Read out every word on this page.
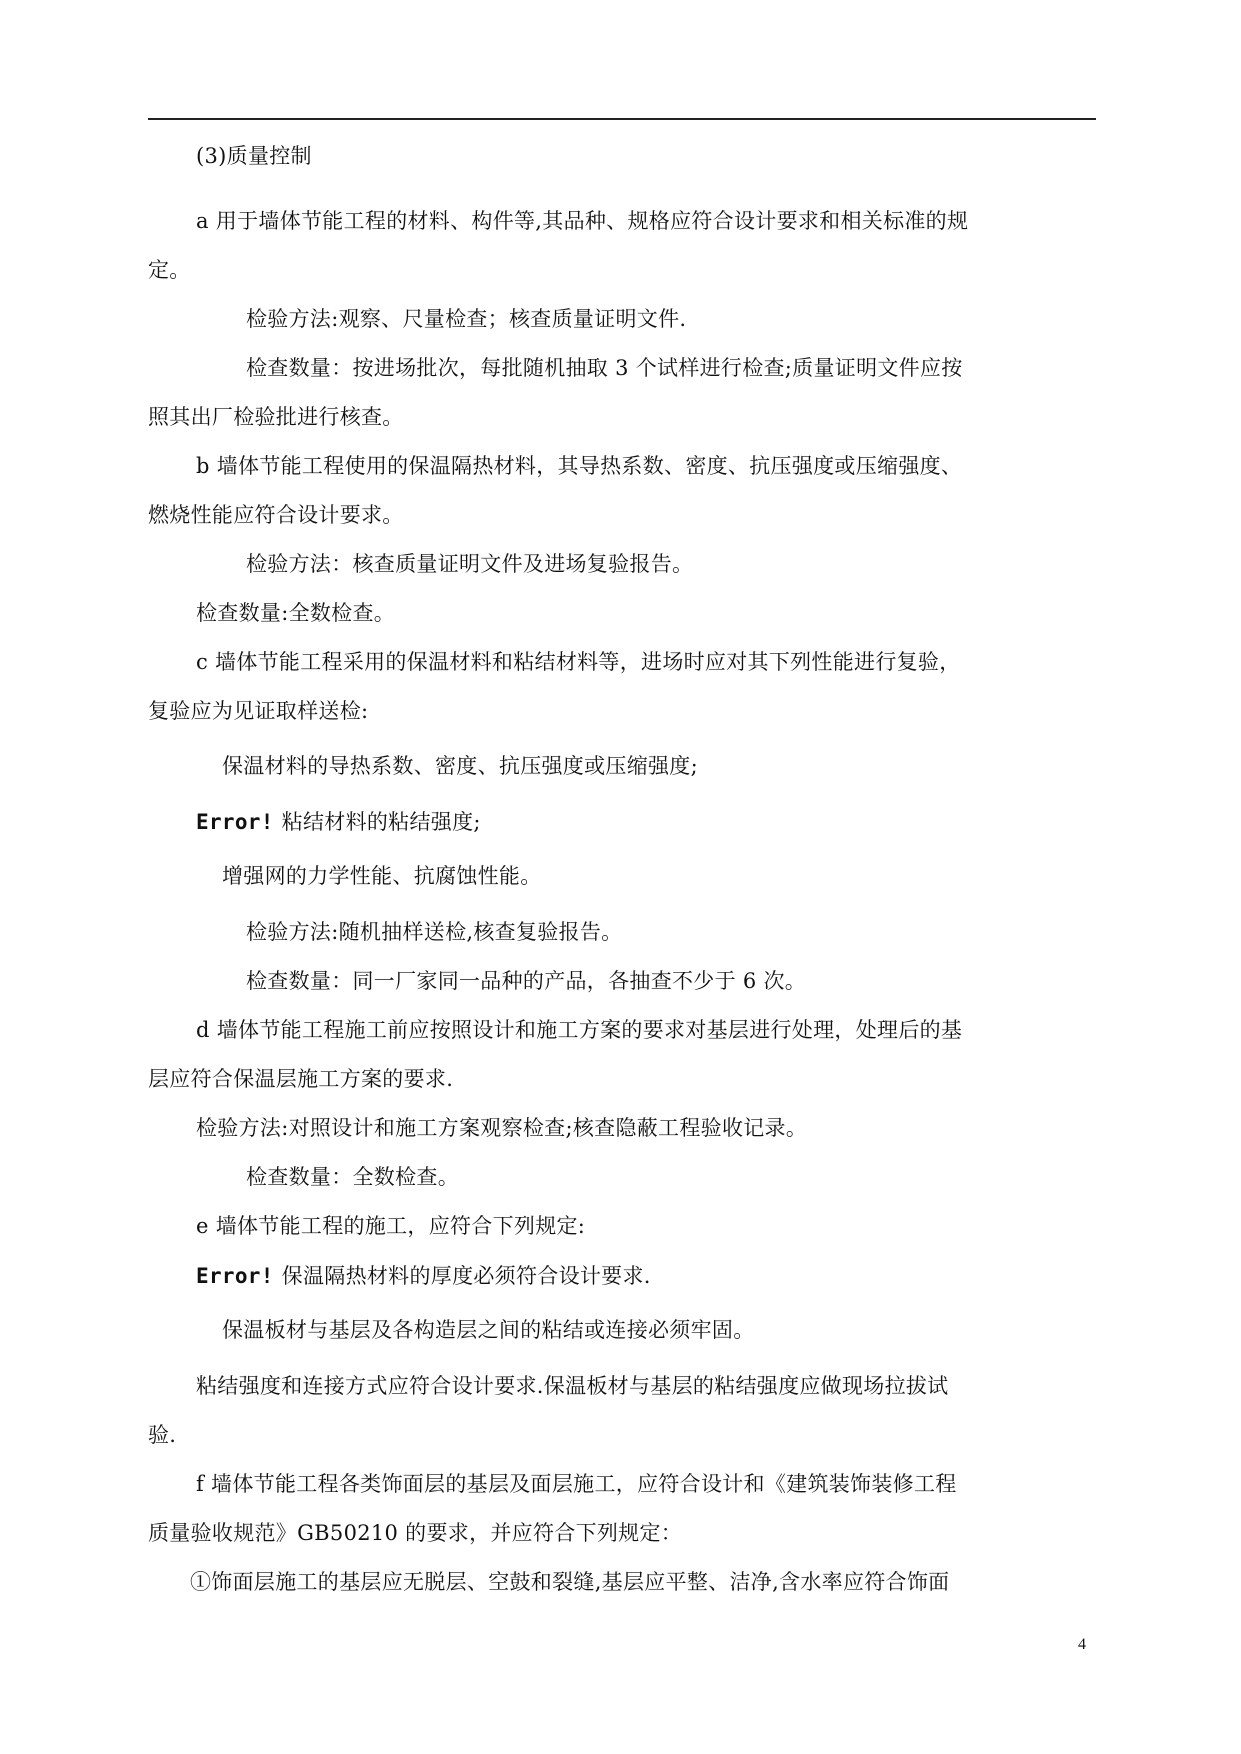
(3)质量控制
a 用于墙体节能工程的材料、构件等,其品种、规格应符合设计要求和相关标准的规
定。
检验方法:观察、尺量检查；核查质量证明文件.
检查数量：按进场批次，每批随机抽取 3 个试样进行检查;质量证明文件应按
照其出厂检验批进行核查。
b 墙体节能工程使用的保温隔热材料，其导热系数、密度、抗压强度或压缩强度、
燃烧性能应符合设计要求。
检验方法：核查质量证明文件及进场复验报告。
检查数量:全数检查。
c 墙体节能工程采用的保温材料和粘结材料等，进场时应对其下列性能进行复验，
复验应为见证取样送检:
保温材料的导热系数、密度、抗压强度或压缩强度;
Error! 粘结材料的粘结强度;
增强网的力学性能、抗腐蚀性能。
检验方法:随机抽样送检,核查复验报告。
检查数量：同一厂家同一品种的产品，各抽查不少于 6 次。
d 墙体节能工程施工前应按照设计和施工方案的要求对基层进行处理，处理后的基
层应符合保温层施工方案的要求.
检验方法:对照设计和施工方案观察检查;核查隐蔽工程验收记录。
检查数量：全数检查。
e 墙体节能工程的施工，应符合下列规定:
Error! 保温隔热材料的厚度必须符合设计要求.
保温板材与基层及各构造层之间的粘结或连接必须牢固。
粘结强度和连接方式应符合设计要求.保温板材与基层的粘结强度应做现场拉拔试
验.
f 墙体节能工程各类饰面层的基层及面层施工，应符合设计和《建筑装饰装修工程
质量验收规范》GB50210 的要求，并应符合下列规定：
①饰面层施工的基层应无脱层、空鼓和裂缝,基层应平整、洁净,含水率应符合饰面
4
